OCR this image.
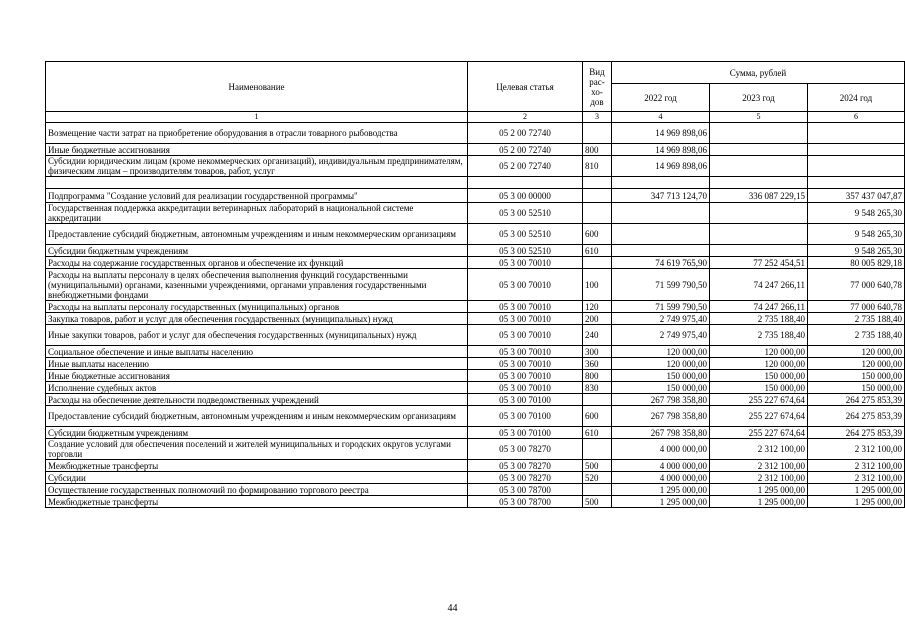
Наименование	Целевая статья	Вид рас-хо-дов	Сумма, рублей		
			2022 год	2023 год	2024 год
1	2	3	4	5	6
Возмещение части затрат на приобретение оборудования в отрасли товарного рыбоводства	05 2 00 72740		14 969 898,06		
Иные бюджетные ассигнования	05 2 00 72740	800	14 969 898,06		
Субсидии юридическим лицам (кроме некоммерческих организаций), индивидуальным предпринимателям, физическим лицам – производителям товаров, работ, услуг	05 2 00 72740	810	14 969 898,06		

Подпрограмма "Создание условий для реализации государственной программы"	05 3 00 00000		347 713 124,70	336 087 229,15	357 437 047,87
Государственная поддержка аккредитации ветеринарных лабораторий в национальной системе аккредитации	05 3 00 52510				9 548 265,30
Предоставление субсидий бюджетным, автономным учреждениям и иным некоммерческим организациям	05 3 00 52510	600			9 548 265,30
Субсидии бюджетным учреждениям	05 3 00 52510	610			9 548 265,30
Расходы на содержание государственных органов и обеспечение их функций	05 3 00 70010		74 619 765,90	77 252 454,51	80 005 829,18
Расходы на выплаты персоналу в целях обеспечения выполнения функций государственными (муниципальными) органами, казенными учреждениями, органами управления государственными внебюджетными фондами	05 3 00 70010	100	71 599 790,50	74 247 266,11	77 000 640,78
Расходы на выплаты персоналу государственных (муниципальных) органов	05 3 00 70010	120	71 599 790,50	74 247 266,11	77 000 640,78
Закупка товаров, работ и услуг для обеспечения государственных (муниципальных) нужд	05 3 00 70010	200	2 749 975,40	2 735 188,40	2 735 188,40
Иные закупки товаров, работ и услуг для обеспечения государственных (муниципальных) нужд	05 3 00 70010	240	2 749 975,40	2 735 188,40	2 735 188,40
Социальное обеспечение и иные выплаты населению	05 3 00 70010	300	120 000,00	120 000,00	120 000,00
Иные выплаты населению	05 3 00 70010	360	120 000,00	120 000,00	120 000,00
Иные бюджетные ассигнования	05 3 00 70010	800	150 000,00	150 000,00	150 000,00
Исполнение судебных актов	05 3 00 70010	830	150 000,00	150 000,00	150 000,00
Расходы на обеспечение деятельности подведомственных учреждений	05 3 00 70100		267 798 358,80	255 227 674,64	264 275 853,39
Предоставление субсидий бюджетным, автономным учреждениям и иным некоммерческим организациям	05 3 00 70100	600	267 798 358,80	255 227 674,64	264 275 853,39
Субсидии бюджетным учреждениям	05 3 00 70100	610	267 798 358,80	255 227 674,64	264 275 853,39
Создание условий для обеспечения поселений и жителей муниципальных и городских округов услугами торговли	05 3 00 78270		4 000 000,00	2 312 100,00	2 312 100,00
Межбюджетные трансферты	05 3 00 78270	500	4 000 000,00	2 312 100,00	2 312 100,00
Субсидии	05 3 00 78270	520	4 000 000,00	2 312 100,00	2 312 100,00
Осуществление государственных полномочий по формированию торгового реестра	05 3 00 78700		1 295 000,00	1 295 000,00	1 295 000,00
Межбюджетные трансферты	05 3 00 78700	500	1 295 000,00	1 295 000,00	1 295 000,00
44
